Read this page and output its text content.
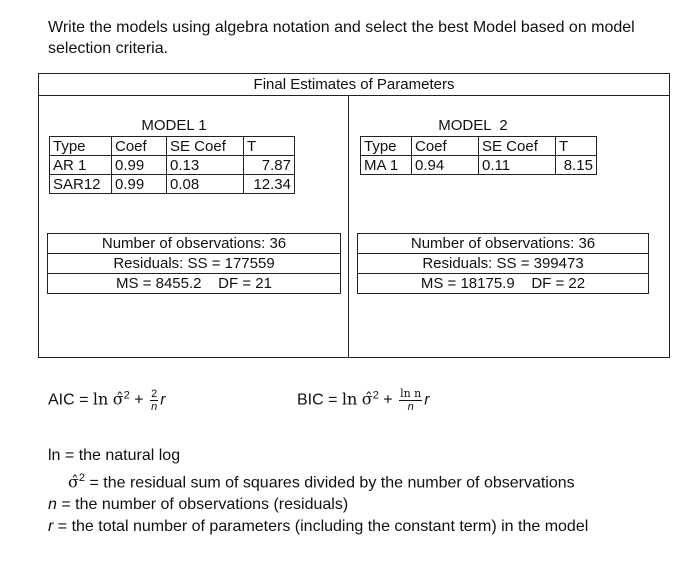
Write the models using algebra notation and select the best Model based on model selection criteria.
Final Estimates of Parameters
MODEL 1
Type	Coef	SE Coef	T
AR 1	0.99	0.13	7.87
SAR12	0.99	0.08	12.34
Number of observations: 36
Residuals: SS = 177559
MS = 8455.2    DF = 21
MODEL  2
Type	Coef	SE Coef	T
MA 1	0.94	0.11	8.15
Number of observations: 36
Residuals: SS = 399473
MS = 18175.9    DF = 22
AIC = ln σ̂$^2$ + $\frac{2}{n}$ r	BIC = ln σ̂$^2$ + $\frac{\text{ln n}}{n}$ r
ln = the natural log
σ̂$^2$ = the residual sum of squares divided by the number of observations
n = the number of observations (residuals)
r = the total number of parameters (including the constant term) in the model
